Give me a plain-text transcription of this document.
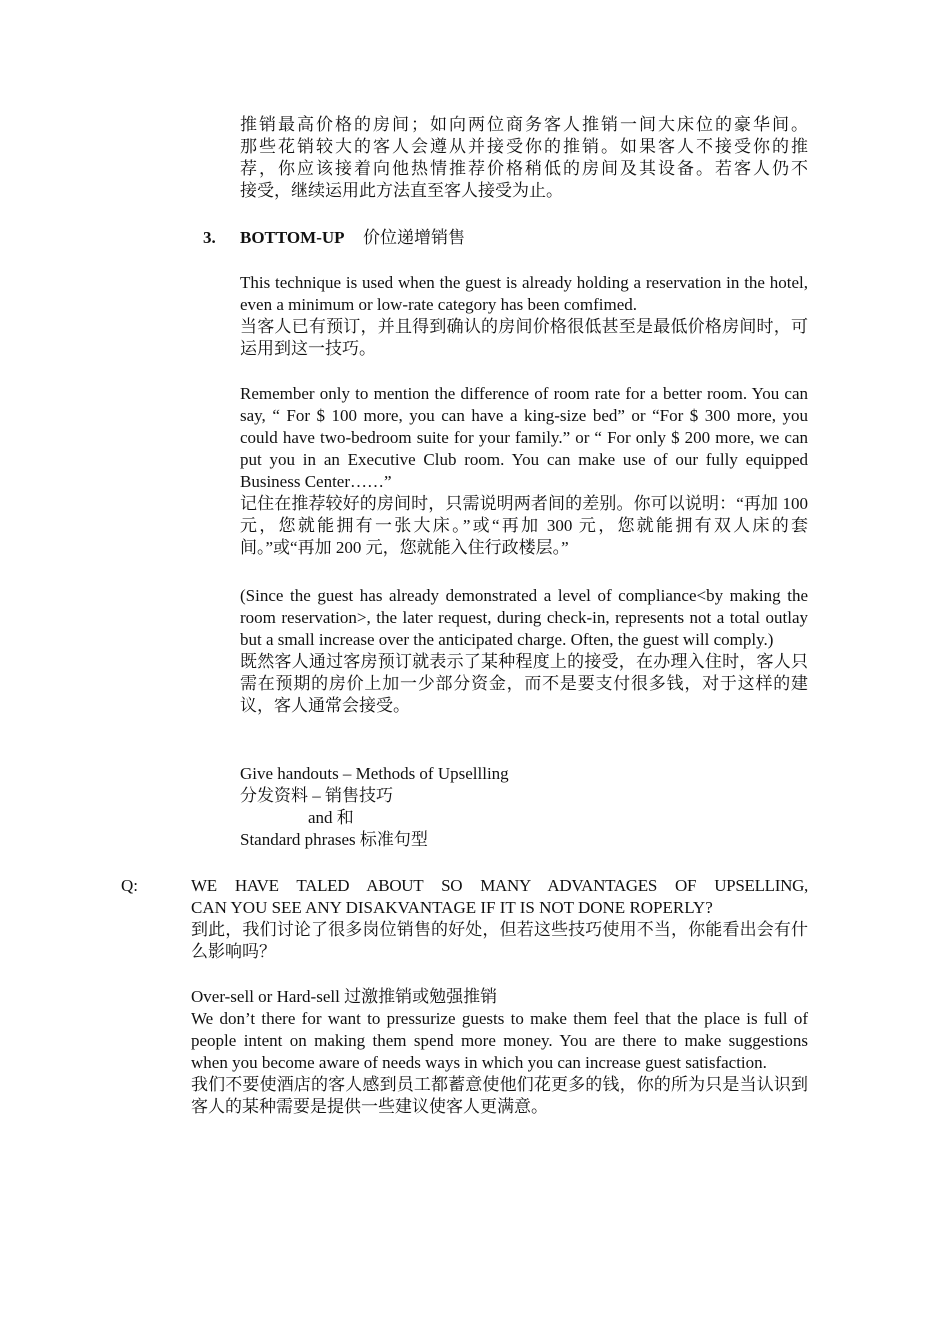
推销最高价格的房间；如向两位商务客人推销一间大床位的豪华间。

那些花销较大的客人会遵从并接受你的推销。如果客人不接受你的推

荐，你应该接着向他热情推荐价格稍低的房间及其设备。若客人仍不

接受，继续运用此方法直至客人接受为止。

3. BOTTOM-UP 价位递增销售

This technique is used when the guest is already holding a reservation in the hotel, even a minimum or low-rate category has been comfimed.

当客人已有预订，并且得到确认的房间价格很低甚至是最低价格房间时，可运用到这一技巧。

Remember only to mention the difference of room rate for a better room. You can say, “ For $ 100 more, you can have a king-size bed” or “For $ 300 more, you could have two-bedroom suite for your family.” or “ For only $ 200 more, we can put you in an Executive Club room. You can make use of our fully equipped Business Center……”

记住在推荐较好的房间时，只需说明两者间的差别。你可以说明：“再加 100 元，您就能拥有一张大床。”或“再加 300 元，您就能拥有双人床的套间。”或“再加 200 元，您就能入住行政楼层。”

(Since the guest has already demonstrated a level of compliance<by making the room reservation>, the later request, during check-in, represents not a total outlay but a small increase over the anticipated charge. Often, the guest will comply.)

既然客人通过客房预订就表示了某种程度上的接受，在办理入住时，客人只需在预期的房价上加一少部分资金，而不是要支付很多钱，对于这样的建议，客人通常会接受。

Give handouts – Methods of Upsellling

分发资料 – 销售技巧

and 和

Standard phrases 标准句型

Q:	WE HAVE TALED ABOUT SO MANY ADVANTAGES OF UPSELLING,

CAN YOU SEE ANY DISAKVANTAGE IF IT IS NOT DONE ROPERLY?

到此，我们讨论了很多岗位销售的好处，但若这些技巧使用不当，你能看出会有什么影响吗？

Over-sell or Hard-sell 过激推销或勉强推销

We don’t there for want to pressurize guests to make them feel that the place is full of people intent on making them spend more money. You are there to make suggestions when you become aware of needs ways in which you can increase guest satisfaction.

我们不要使酒店的客人感到员工都蓄意使他们花更多的钱，你的所为只是当认识到客人的某种需要是提供一些建议使客人更满意。
